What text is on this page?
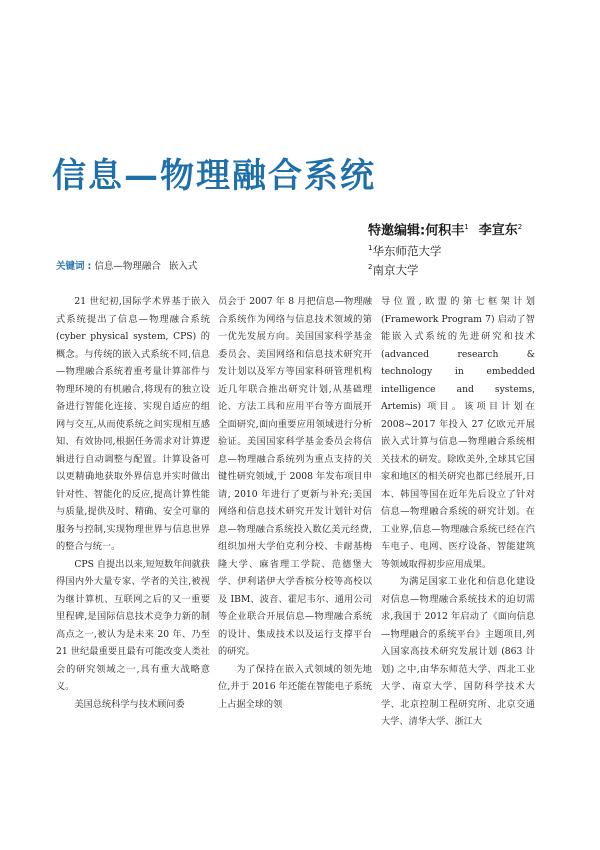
信息—物理融合系统
特邀编辑:何积丰$^1$ 李宣东$^2$
$^1$华东师范大学
$^2$南京大学
关键词 : 信息—物理融合 嵌入式

21 世纪初,国际学术界基于嵌入式系统提出了信息—物理融合系统 (cyber physical system, CPS) 的概念。与传统的嵌入式系统不同,信息—物理融合系统着重考量计算部件与物理环境的有机融合,将现有的独立设备进行智能化连接、实现自适应的组网与交互,从而使系统之间实现相互感知、有效协同,根据任务需求对计算逻辑进行自动调整与配置。计算设备可以更精确地获取外界信息并实时做出针对性、智能化的反应,提高计算性能与质量,提供及时、精确、安全可靠的服务与控制,实现物理世界与信息世界的整合与统一。

CPS 自提出以来,短短数年间就获得国内外大量专家、学者的关注,被视为继计算机、互联网之后的又一重要里程碑,是国际信息技术竞争力新的制高点之一,被认为是未来 20 年、乃至 21 世纪最重要且最有可能改变人类社会的研究领域之一,具有重大战略意义。

美国总统科学与技术顾问委

员会于 2007 年 8 月把信息—物理融合系统作为网络与信息技术领域的第一优先发展方向。美国国家科学基金委员会、美国网络和信息技术研究开发计划以及军方等国家科研管理机构近几年联合推出研究计划,从基础理论、方法工具和应用平台等方面展开全面研究,面向重要应用领域进行分析验证。美国国家科学基金委员会将信息—物理融合系统列为重点支持的关键性研究领域,于 2008 年发布项目申请, 2010 年进行了更新与补充;美国网络和信息技术研究开发计划针对信息—物理融合系统投入数亿美元经费,组织加州大学伯克利分校、卡耐基梅隆大学、麻省理工学院、范德堡大学、伊利诺伊大学香槟分校等高校以及 IBM、波音、霍尼韦尔、通用公司等企业联合开展信息—物理融合系统的设计、集成技术以及运行支撑平台的研究。

为了保持在嵌入式领域的领先地位,并于 2016 年还能在智能电子系统上占据全球的领

导位置,欧盟的第七框架计划 (Framework Program 7) 启动了智能嵌入式系统的先进研究和技术 (advanced research & technology in embedded intelligence and systems, Artemis) 项目。该项目计划在 2008~2017 年投入 27 亿欧元开展嵌入式计算与信息—物理融合系统相关技术的研发。除欧美外,全球其它国家和地区的相关研究也都已经展开,日本、韩国等国在近年先后设立了针对信息—物理融合系统的研究计划。在工业界,信息—物理融合系统已经在汽车电子、电网、医疗设备、智能建筑等领域取得初步应用成果。

为满足国家工业化和信息化建设对信息—物理融合系统技术的迫切需求,我国于 2012 年启动了《面向信息—物理融合的系统平台》主题项目,列入国家高技术研究发展计划 (863 计划) 之中,由华东师范大学、西北工业大学、南京大学、国防科学技术大学、北京控制工程研究所、北京交通大学、清华大学、浙江大
